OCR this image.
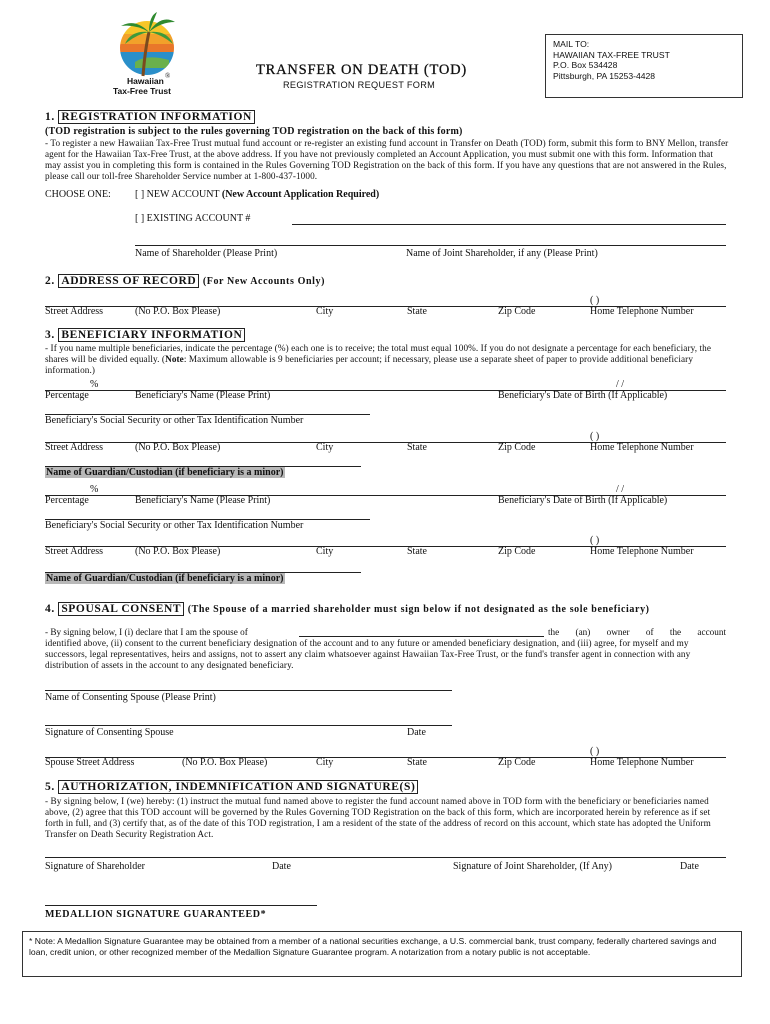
Hawaiian ®
Tax-Free Trust
TRANSFER ON DEATH (TOD)
REGISTRATION REQUEST FORM
MAIL TO:
HAWAIIAN TAX-FREE TRUST
P.O. Box 534428
Pittsburgh, PA 15253-4428
1. REGISTRATION INFORMATION
(TOD registration is subject to the rules governing TOD registration on the back of this form)
- To register a new Hawaiian Tax-Free Trust mutual fund account or re-register an existing fund account in Transfer on Death (TOD) form, submit this form to BNY Mellon, transfer agent for the Hawaiian Tax-Free Trust, at the above address. If you have not previously completed an Account Application, you must submit one with this form. Information that may assist you in completing this form is contained in the Rules Governing TOD Registration on the back of this form. If you have any questions that are not answered in the Rules, please call our toll-free Shareholder Service number at 1-800-437-1000.
CHOOSE ONE: [ ] NEW ACCOUNT (New Account Application Required)
[ ] EXISTING ACCOUNT #
Name of Shareholder (Please Print)	Name of Joint Shareholder, if any (Please Print)
2. ADDRESS OF RECORD (For New Accounts Only)
( )
Street Address	(No P.O. Box Please)	City	State	Zip Code	Home Telephone Number
3. BENEFICIARY INFORMATION
- If you name multiple beneficiaries, indicate the percentage (%) each one is to receive; the total must equal 100%. If you do not designate a percentage for each beneficiary, the shares will be divided equally. (Note: Maximum allowable is 9 beneficiaries per account; if necessary, please use a separate sheet of paper to provide additional beneficiary information.)
%	/ /
Percentage	Beneficiary's Name (Please Print)	Beneficiary's Date of Birth (If Applicable)
Beneficiary's Social Security or other Tax Identification Number
( )
Street Address	(No P.O. Box Please)	City	State	Zip Code	Home Telephone Number
Name of Guardian/Custodian (if beneficiary is a minor)
%	/ /
Percentage	Beneficiary's Name (Please Print)	Beneficiary's Date of Birth (If Applicable)
Beneficiary's Social Security or other Tax Identification Number
( )
Street Address	(No P.O. Box Please)	City	State	Zip Code	Home Telephone Number
Name of Guardian/Custodian (if beneficiary is a minor)
4. SPOUSAL CONSENT (The Spouse of a married shareholder must sign below if not designated as the sole beneficiary)
- By signing below, I (i) declare that I am the spouse of	the (an) owner of the account
identified above, (ii) consent to the current beneficiary designation of the account and to any future or amended beneficiary designation, and (iii) agree, for myself and my successors, legal representatives, heirs and assigns, not to assert any claim whatsoever against Hawaiian Tax-Free Trust, or the fund's transfer agent in connection with any distribution of assets in the account to any designated beneficiary.
Name of Consenting Spouse (Please Print)
Signature of Consenting Spouse	Date
( )
Spouse Street Address	(No P.O. Box Please)	City	State	Zip Code	Home Telephone Number
5. AUTHORIZATION, INDEMNIFICATION AND SIGNATURE(S)
- By signing below, I (we) hereby: (1) instruct the mutual fund named above to register the fund account named above in TOD form with the beneficiary or beneficiaries named above, (2) agree that this TOD account will be governed by the Rules Governing TOD Registration on the back of this form, which are incorporated herein by reference as if set forth in full, and (3) certify that, as of the date of this TOD registration, I am a resident of the state of the address of record on this account, which state has adopted the Uniform Transfer on Death Security Registration Act.
Signature of Shareholder	Date	Signature of Joint Shareholder, (If Any)	Date
MEDALLION SIGNATURE GUARANTEED*

* Note: A Medallion Signature Guarantee may be obtained from a member of a national securities exchange, a U.S. commercial bank, trust company, federally chartered savings and loan, credit union, or other recognized member of the Medallion Signature Guarantee program. A notarization from a notary public is not acceptable.
